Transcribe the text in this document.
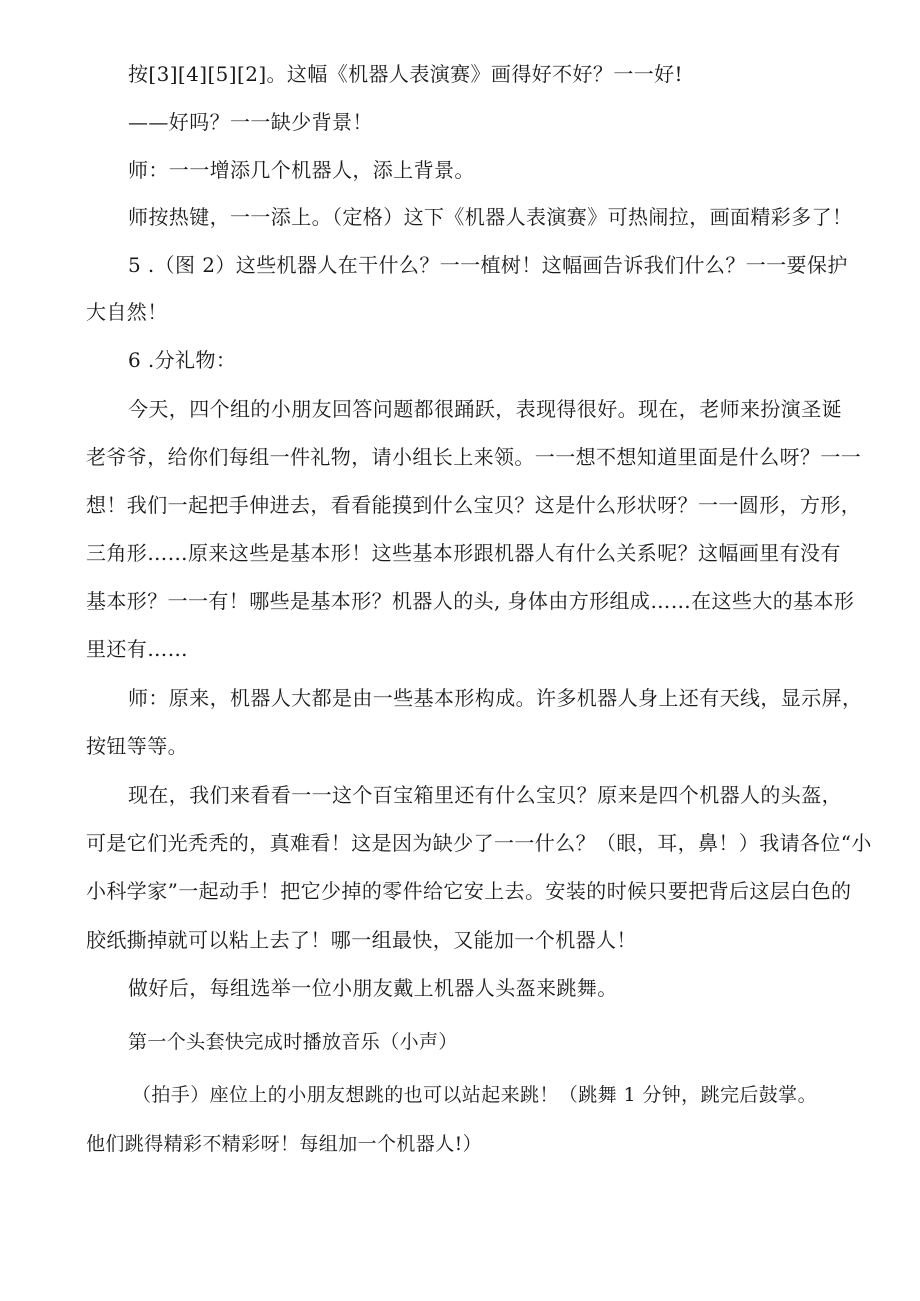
按[3][4][5][2]。这幅《机器人表演赛》画得好不好？一一好!
——好吗？一一缺少背景！
师：一一增添几个机器人，添上背景。
师按热键，一一添上。（定格）这下《机器人表演赛》可热闹拉，画面精彩多了！
5 .（图 2）这些机器人在干什么？一一植树！这幅画告诉我们什么？一一要保护
大自然！
6 .分礼物：
今天，四个组的小朋友回答问题都很踊跃，表现得很好。现在，老师来扮演圣诞
老爷爷，给你们每组一件礼物，请小组长上来领。一一想不想知道里面是什么呀？一一
想！我们一起把手伸进去，看看能摸到什么宝贝？这是什么形状呀？一一圆形，方形，
三角形……原来这些是基本形！这些基本形跟机器人有什么关系呢？这幅画里有没有
基本形？一一有！哪些是基本形？机器人的头, 身体由方形组成……在这些大的基本形
里还有……
师：原来，机器人大都是由一些基本形构成。许多机器人身上还有天线，显示屏，
按钮等等。
现在，我们来看看一一这个百宝箱里还有什么宝贝？原来是四个机器人的头盔，
可是它们光秃秃的，真难看！这是因为缺少了一一什么？（眼，耳，鼻！）我请各位“小
小科学家”一起动手！把它少掉的零件给它安上去。安装的时候只要把背后这层白色的
胶纸撕掉就可以粘上去了！哪一组最快，又能加一个机器人！
做好后，每组选举一位小朋友戴上机器人头盔来跳舞。
第一个头套快完成时播放音乐（小声）
（拍手）座位上的小朋友想跳的也可以站起来跳！（跳舞 1 分钟，跳完后鼓掌。
他们跳得精彩不精彩呀！每组加一个机器人!）
